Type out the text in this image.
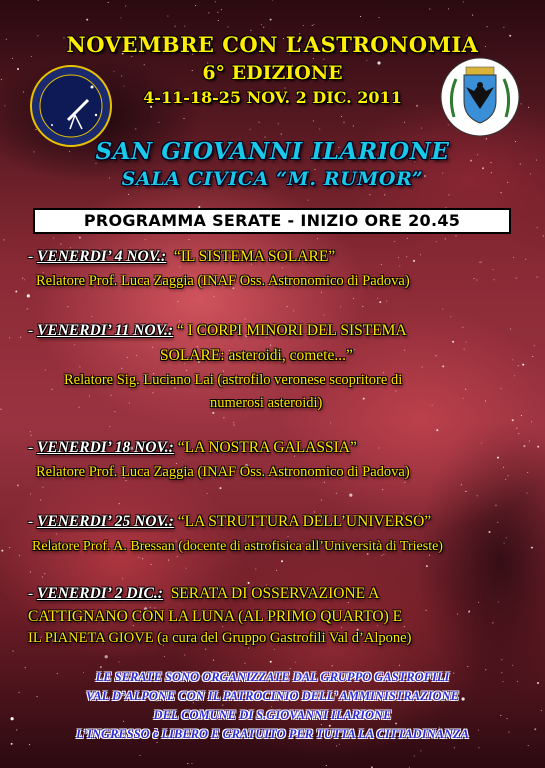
NOVEMBRE CON L’ASTRONOMIA
6° EDIZIONE
4-11-18-25 NOV. 2 DIC. 2011
SAN GIOVANNI ILARIONE
SALA CIVICA “M. RUMOR”
PROGRAMMA SERATE - INIZIO ORE 20.45
- VENERDI’ 4 NOV.: “IL SISTEMA SOLARE”
Relatore Prof. Luca Zaggia (INAF Oss. Astronomico di Padova)
- VENERDI’ 11 NOV.: “ I CORPI MINORI DEL SISTEMA
SOLARE: asteroidi, comete...”
Relatore Sig. Luciano Lai (astrofilo veronese scopritore di
numerosi asteroidi)
- VENERDI’ 18 NOV.: “LA NOSTRA GALASSIA”
Relatore Prof. Luca Zaggia (INAF Oss. Astronomico di Padova)
- VENERDI’ 25 NOV.: “LA STRUTTURA DELL’UNIVERSO”
Relatore Prof. A. Bressan (docente di astrofisica all’Università di Trieste)
- VENERDI’ 2 DIC.: SERATA DI OSSERVAZIONE A
CATTIGNANO CON LA LUNA (AL PRIMO QUARTO) E
IL PIANETA GIOVE (a cura del Gruppo Gastrofili Val d’Alpone)
LE SERATE SONO ORGANIZZATE DAL GRUPPO GASTROFILI
VAL D’ALPONE CON IL PATROCINIO DELL’ AMMINISTRAZIONE
DEL COMUNE DI S.GIOVANNI ILARIONE
L’INGRESSO è LIBERO E GRATUITO PER TUTTA LA CITTADINANZA
